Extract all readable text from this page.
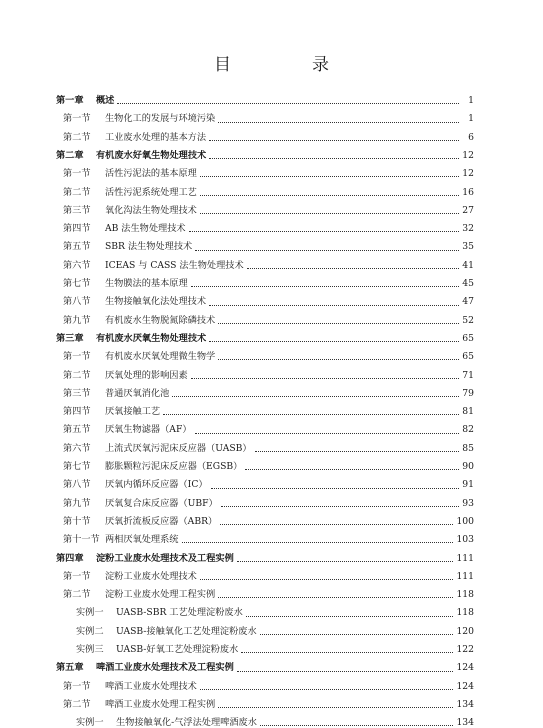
目　录
第一章	概述	1
第一节	生物化工的发展与环境污染	1
第二节	工业废水处理的基本方法	6
第二章	有机废水好氧生物处理技术	12
第一节	活性污泥法的基本原理	12
第二节	活性污泥系统处理工艺	16
第三节	氧化沟法生物处理技术	27
第四节	AB 法生物处理技术	32
第五节	SBR 法生物处理技术	35
第六节	ICEAS 与 CASS 法生物处理技术	41
第七节	生物膜法的基本原理	45
第八节	生物接触氧化法处理技术	47
第九节	有机废水生物脱氮除磷技术	52
第三章	有机废水厌氧生物处理技术	65
第一节	有机废水厌氧处理微生物学	65
第二节	厌氧处理的影响因素	71
第三节	普通厌氧消化池	79
第四节	厌氧接触工艺	81
第五节	厌氧生物滤器（AF）	82
第六节	上流式厌氧污泥床反应器（UASB）	85
第七节	膨胀颗粒污泥床反应器（EGSB）	90
第八节	厌氧内循环反应器（IC）	91
第九节	厌氧复合床反应器（UBF）	93
第十节	厌氧折流板反应器（ABR）	100
第十一节 两相厌氧处理系统	103
第四章	淀粉工业废水处理技术及工程实例	111
第一节	淀粉工业废水处理技术	111
第二节	淀粉工业废水处理工程实例	118
实例一	UASB-SBR 工艺处理淀粉废水	118
实例二	UASB-接触氧化工艺处理淀粉废水	120
实例三	UASB-好氧工艺处理淀粉废水	122
第五章	啤酒工业废水处理技术及工程实例	124
第一节	啤酒工业废水处理技术	124
第二节	啤酒工业废水处理工程实例	134
实例一	生物接触氧化-气浮法处理啤酒废水	134
